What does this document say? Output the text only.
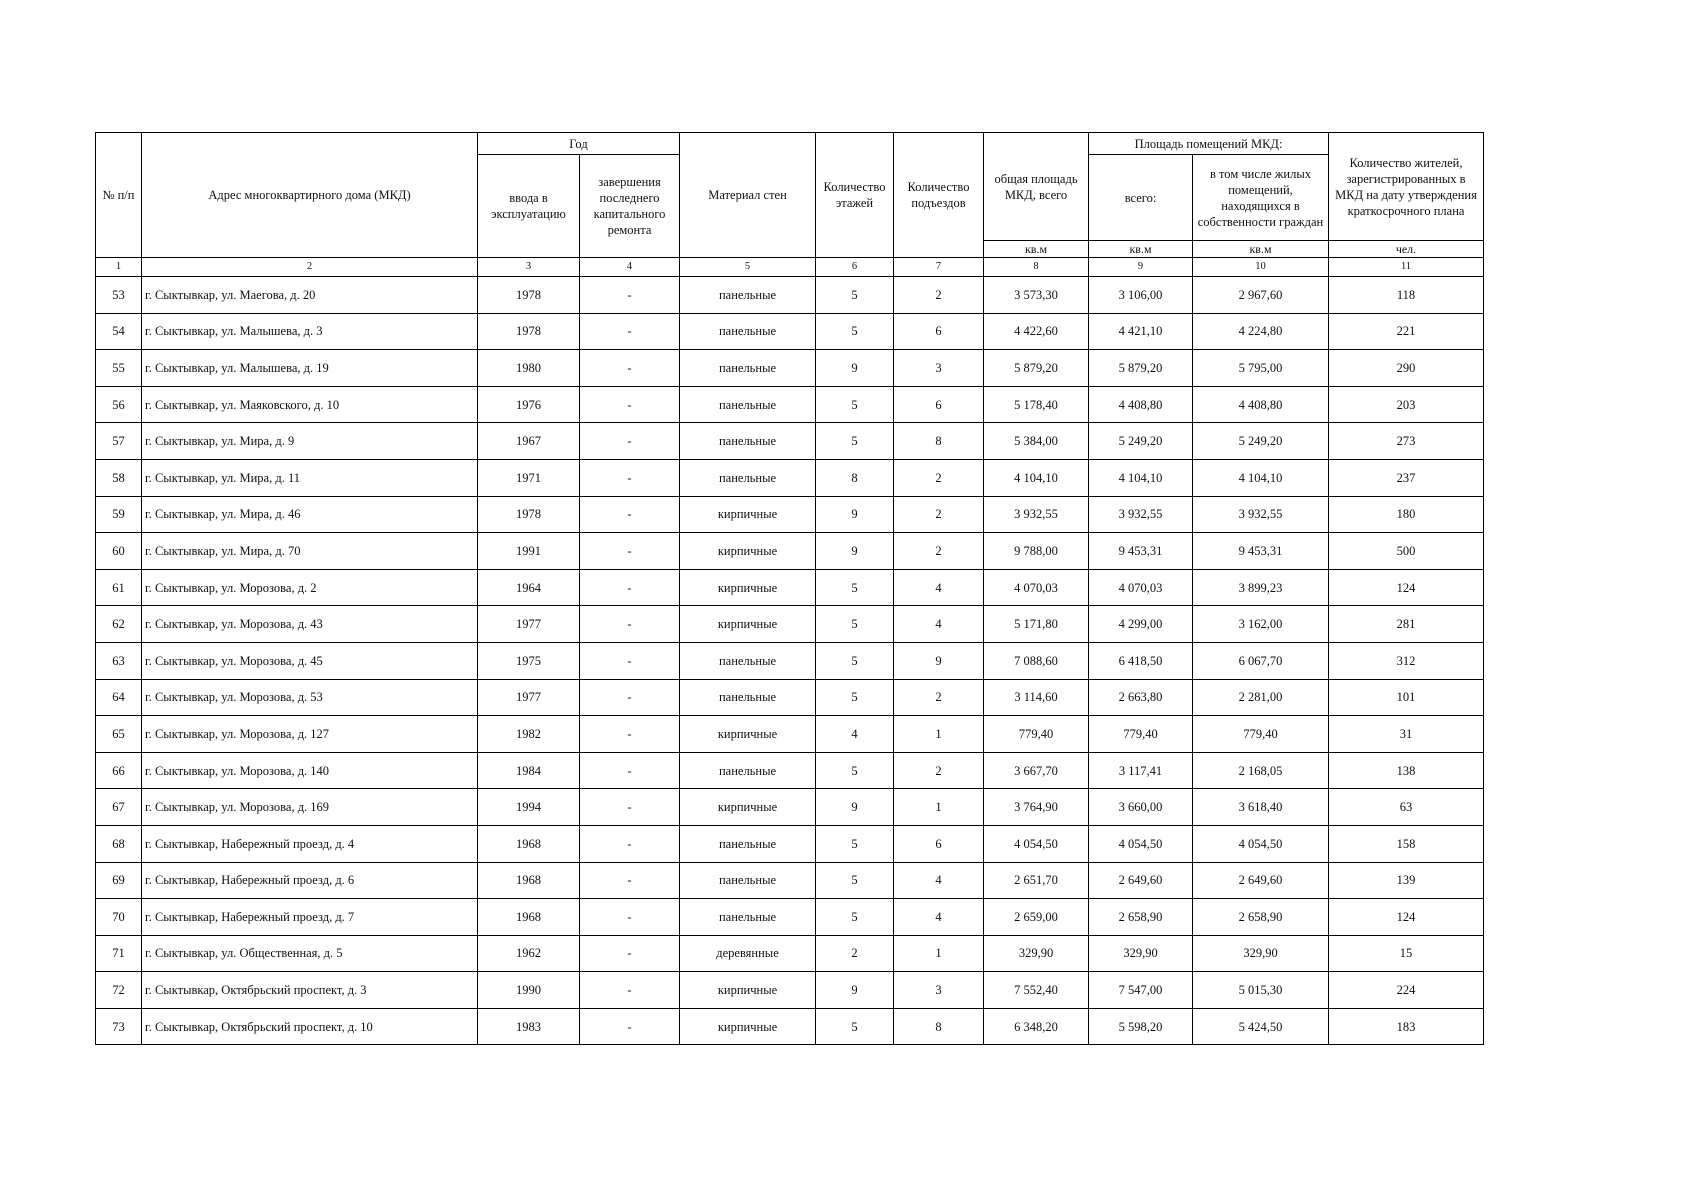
№ п/п	Адрес многоквартирного дома (МКД)	Год		Материал стен	Количество этажей	Количество подъездов	общая площадь МКД, всего	Площадь помещений МКД:		Количество жителей, зарегистрированных в МКД на дату утверждения краткосрочного плана
		ввода в эксплуатацию	завершения последнего капитального ремонта					всего:	в том числе жилых помещений, находящихся в собственности граждан	
							кв.м	кв.м	кв.м	чел.
1	2	3	4	5	6	7	8	9	10	11
53	г. Сыктывкар, ул. Маегова, д. 20	1978	-	панельные	5	2	3 573,30	3 106,00	2 967,60	118
54	г. Сыктывкар, ул. Малышева, д. 3	1978	-	панельные	5	6	4 422,60	4 421,10	4 224,80	221
55	г. Сыктывкар, ул. Малышева, д. 19	1980	-	панельные	9	3	5 879,20	5 879,20	5 795,00	290
56	г. Сыктывкар, ул. Маяковского, д. 10	1976	-	панельные	5	6	5 178,40	4 408,80	4 408,80	203
57	г. Сыктывкар, ул. Мира, д. 9	1967	-	панельные	5	8	5 384,00	5 249,20	5 249,20	273
58	г. Сыктывкар, ул. Мира, д. 11	1971	-	панельные	8	2	4 104,10	4 104,10	4 104,10	237
59	г. Сыктывкар, ул. Мира, д. 46	1978	-	кирпичные	9	2	3 932,55	3 932,55	3 932,55	180
60	г. Сыктывкар, ул. Мира, д. 70	1991	-	кирпичные	9	2	9 788,00	9 453,31	9 453,31	500
61	г. Сыктывкар, ул. Морозова, д. 2	1964	-	кирпичные	5	4	4 070,03	4 070,03	3 899,23	124
62	г. Сыктывкар, ул. Морозова, д. 43	1977	-	кирпичные	5	4	5 171,80	4 299,00	3 162,00	281
63	г. Сыктывкар, ул. Морозова, д. 45	1975	-	панельные	5	9	7 088,60	6 418,50	6 067,70	312
64	г. Сыктывкар, ул. Морозова, д. 53	1977	-	панельные	5	2	3 114,60	2 663,80	2 281,00	101
65	г. Сыктывкар, ул. Морозова, д. 127	1982	-	кирпичные	4	1	779,40	779,40	779,40	31
66	г. Сыктывкар, ул. Морозова, д. 140	1984	-	панельные	5	2	3 667,70	3 117,41	2 168,05	138
67	г. Сыктывкар, ул. Морозова, д. 169	1994	-	кирпичные	9	1	3 764,90	3 660,00	3 618,40	63
68	г. Сыктывкар, Набережный проезд, д. 4	1968	-	панельные	5	6	4 054,50	4 054,50	4 054,50	158
69	г. Сыктывкар, Набережный проезд, д. 6	1968	-	панельные	5	4	2 651,70	2 649,60	2 649,60	139
70	г. Сыктывкар, Набережный проезд, д. 7	1968	-	панельные	5	4	2 659,00	2 658,90	2 658,90	124
71	г. Сыктывкар, ул. Общественная, д. 5	1962	-	деревянные	2	1	329,90	329,90	329,90	15
72	г. Сыктывкар, Октябрьский проспект, д. 3	1990	-	кирпичные	9	3	7 552,40	7 547,00	5 015,30	224
73	г. Сыктывкар, Октябрьский проспект, д. 10	1983	-	кирпичные	5	8	6 348,20	5 598,20	5 424,50	183
